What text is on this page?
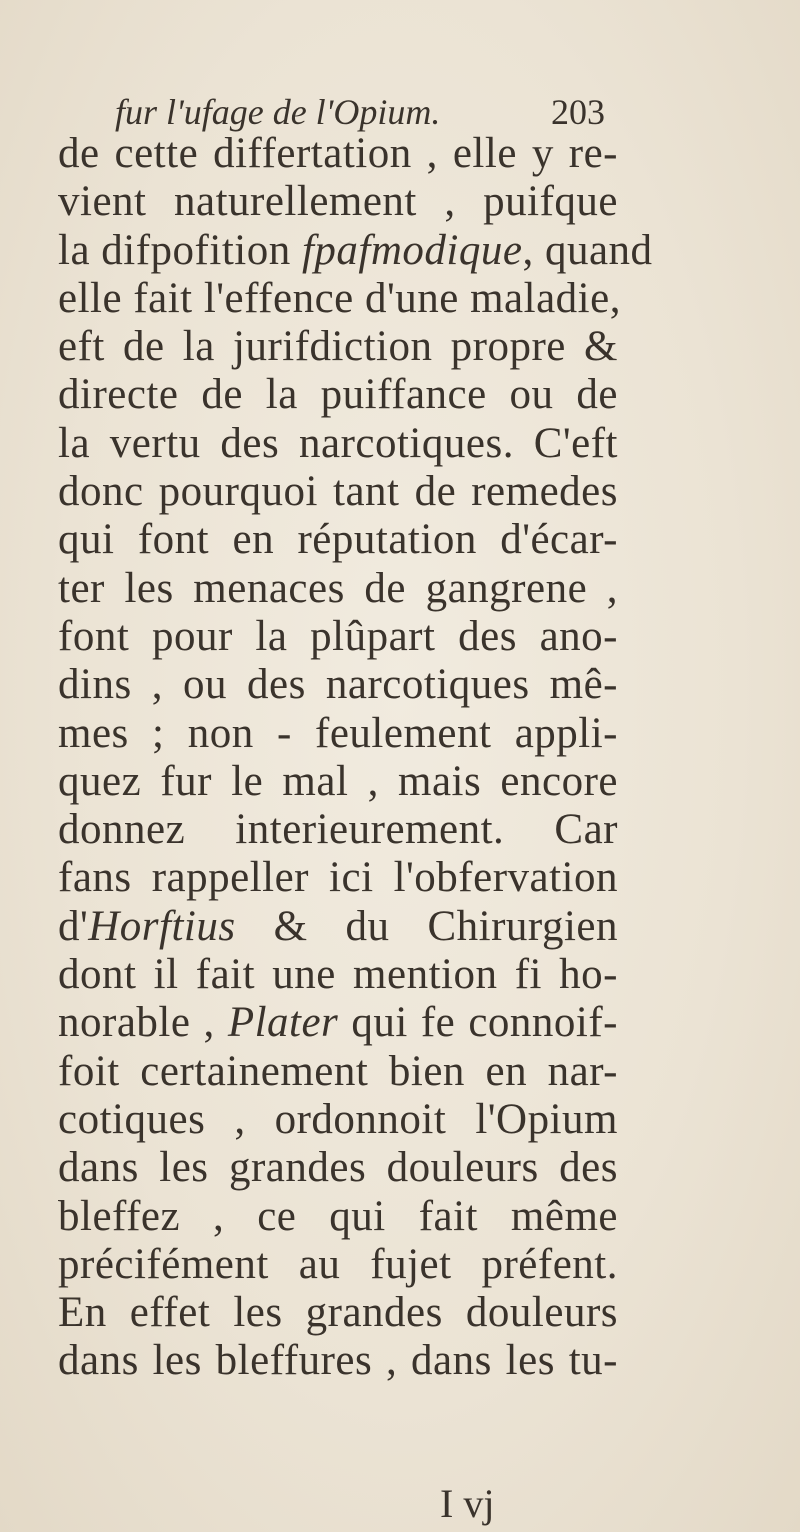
fur l'ufage de l'Opium.	203
de cette differtation , elle y re-
vient naturellement , puifque
la difpofition fpafmodique, quand
elle fait l'effence d'une maladie,
eft de la jurifdiction propre &
directe de la puiffance ou de
la vertu des narcotiques. C'eft
donc pourquoi tant de remedes
qui font en réputation d'écar-
ter les menaces de gangrene ,
font pour la plûpart des ano-
dins , ou des narcotiques mê-
mes ; non - feulement appli-
quez fur le mal , mais encore
donnez interieurement. Car
fans rappeller ici l'obfervation
d'Horftius & du Chirurgien
dont il fait une mention fi ho-
norable , Plater qui fe connoif-
foit certainement bien en nar-
cotiques , ordonnoit l'Opium
dans les grandes douleurs des
bleffez , ce qui fait même
précifément au fujet préfent.
En effet les grandes douleurs
dans les bleffures , dans les tu-
I vj
